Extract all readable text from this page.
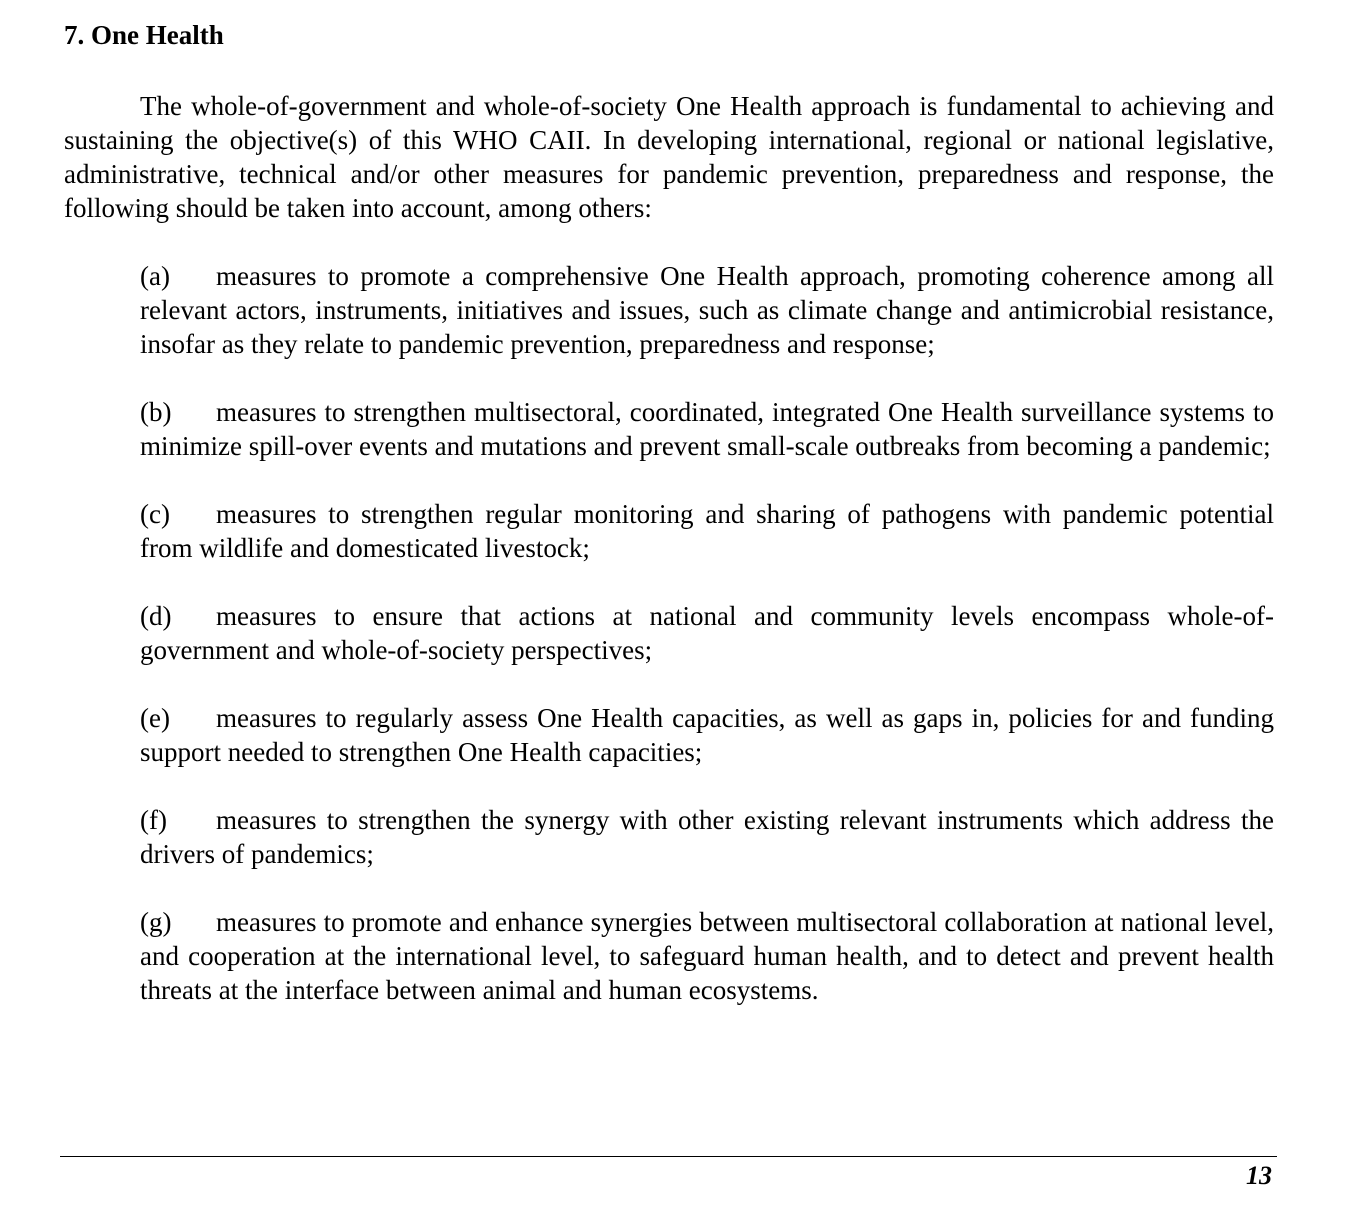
7. One Health

The whole-of-government and whole-of-society One Health approach is fundamental to achieving and sustaining the objective(s) of this WHO CAII. In developing international, regional or national legislative, administrative, technical and/or other measures for pandemic prevention, preparedness and response, the following should be taken into account, among others:

(a) measures to promote a comprehensive One Health approach, promoting coherence among all relevant actors, instruments, initiatives and issues, such as climate change and antimicrobial resistance, insofar as they relate to pandemic prevention, preparedness and response;
(b) measures to strengthen multisectoral, coordinated, integrated One Health surveillance systems to minimize spill-over events and mutations and prevent small-scale outbreaks from becoming a pandemic;
(c) measures to strengthen regular monitoring and sharing of pathogens with pandemic potential from wildlife and domesticated livestock;
(d) measures to ensure that actions at national and community levels encompass whole-of-government and whole-of-society perspectives;
(e) measures to regularly assess One Health capacities, as well as gaps in, policies for and funding support needed to strengthen One Health capacities;
(f) measures to strengthen the synergy with other existing relevant instruments which address the drivers of pandemics;
(g) measures to promote and enhance synergies between multisectoral collaboration at national level, and cooperation at the international level, to safeguard human health, and to detect and prevent health threats at the interface between animal and human ecosystems.
13
